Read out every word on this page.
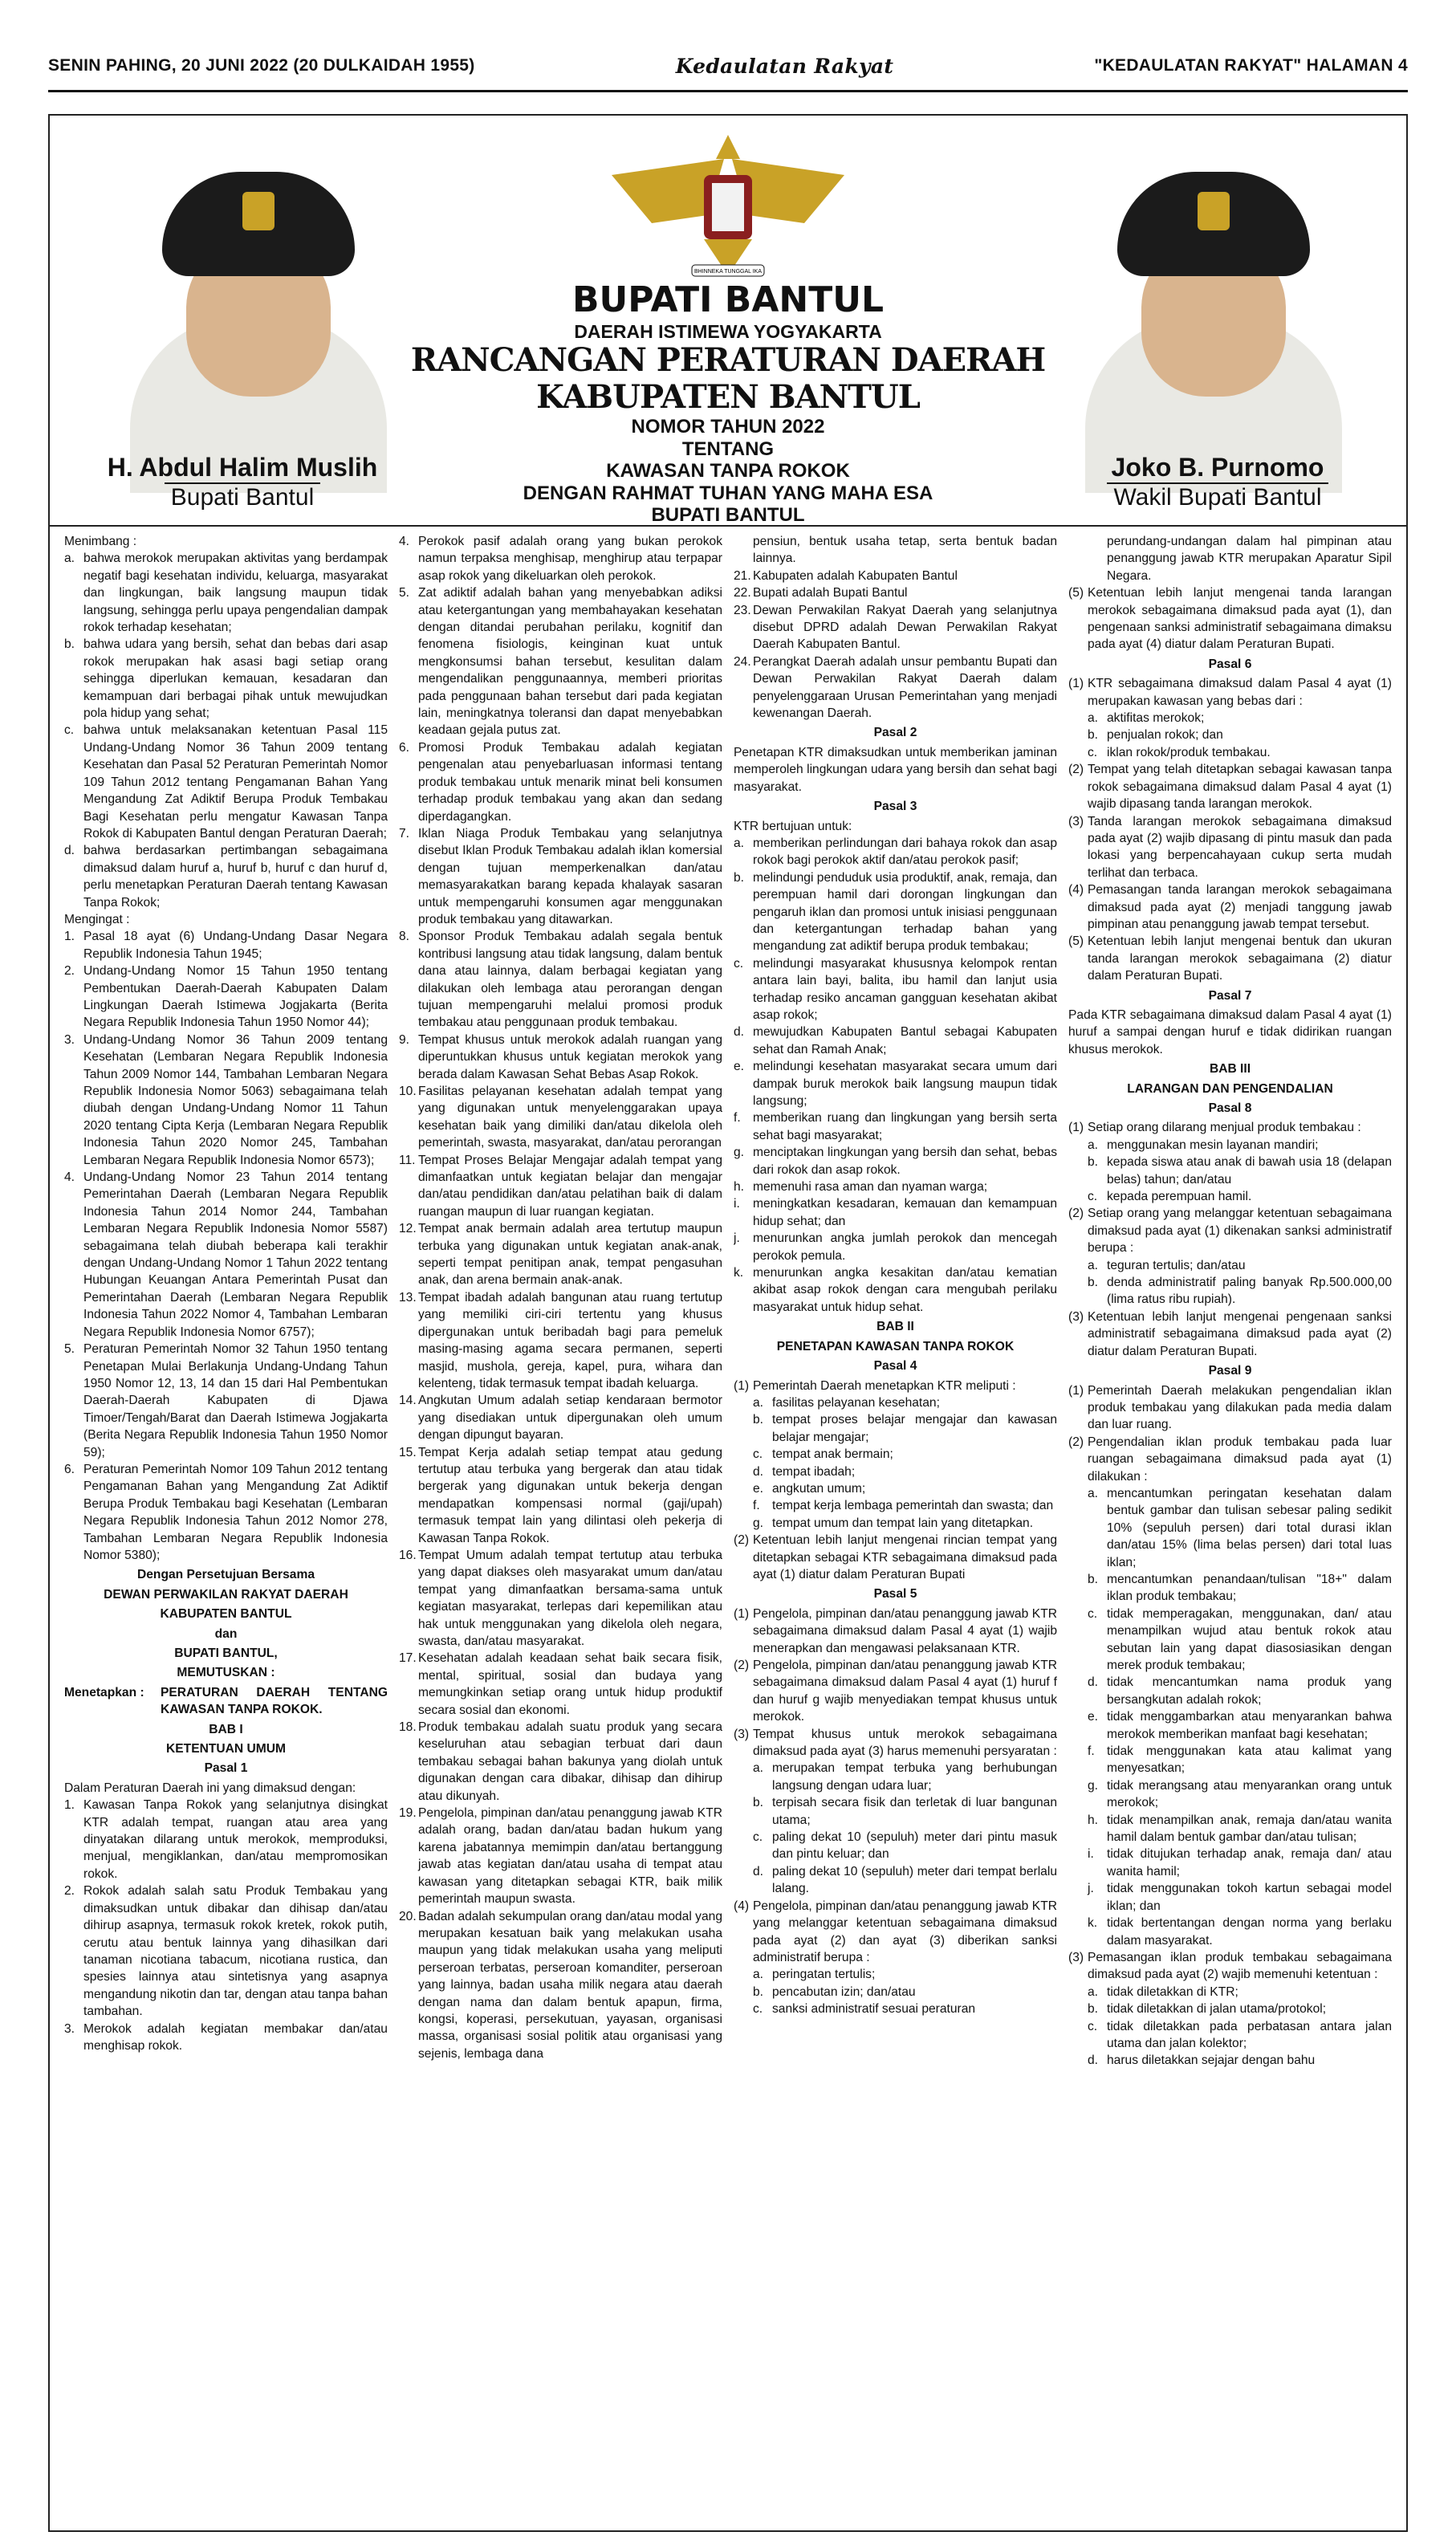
SENIN PAHING, 20 JUNI 2022 (20 DULKAIDAH 1955)	Kedaulatan Rakyat	"KEDAULATAN RAKYAT" HALAMAN 4
H. Abdul Halim Muslih
Bupati Bantul
Joko B. Purnomo
Wakil Bupati Bantul
BHINNEKA TUNGGAL IKA
BUPATI BANTUL
DAERAH ISTIMEWA YOGYAKARTA
RANCANGAN PERATURAN DAERAH KABUPATEN BANTUL
NOMOR TAHUN 2022
TENTANG
KAWASAN TANPA ROKOK
DENGAN RAHMAT TUHAN YANG MAHA ESA
BUPATI BANTUL

Menimbang :

a. bahwa merokok merupakan aktivitas yang berdampak negatif bagi kesehatan individu, keluarga, masyarakat dan lingkungan, baik langsung maupun tidak langsung, sehingga perlu upaya pengendalian dampak rokok terhadap kesehatan;
b. bahwa udara yang bersih, sehat dan bebas dari asap rokok merupakan hak asasi bagi setiap orang sehingga diperlukan kemauan, kesadaran dan kemampuan dari berbagai pihak untuk mewujudkan pola hidup yang sehat;
c. bahwa untuk melaksanakan ketentuan Pasal 115 Undang-Undang Nomor 36 Tahun 2009 tentang Kesehatan dan Pasal 52 Peraturan Pemerintah Nomor 109 Tahun 2012 tentang Pengamanan Bahan Yang Mengandung Zat Adiktif Berupa Produk Tembakau Bagi Kesehatan perlu mengatur Kawasan Tanpa Rokok di Kabupaten Bantul dengan Peraturan Daerah;
d. bahwa berdasarkan pertimbangan sebagaimana dimaksud dalam huruf a, huruf b, huruf c dan huruf d, perlu menetapkan Peraturan Daerah tentang Kawasan Tanpa Rokok;

Mengingat :

1. Pasal 18 ayat (6) Undang-Undang Dasar Negara Republik Indonesia Tahun 1945;
2. Undang-Undang Nomor 15 Tahun 1950 tentang Pembentukan Daerah-Daerah Kabupaten Dalam Lingkungan Daerah Istimewa Jogjakarta (Berita Negara Republik Indonesia Tahun 1950 Nomor 44);
3. Undang-Undang Nomor 36 Tahun 2009 tentang Kesehatan (Lembaran Negara Republik Indonesia Tahun 2009 Nomor 144, Tambahan Lembaran Negara Republik Indonesia Nomor 5063) sebagaimana telah diubah dengan Undang-Undang Nomor 11 Tahun 2020 tentang Cipta Kerja (Lembaran Negara Republik Indonesia Tahun 2020 Nomor 245, Tambahan Lembaran Negara Republik Indonesia Nomor 6573);
4. Undang-Undang Nomor 23 Tahun 2014 tentang Pemerintahan Daerah (Lembaran Negara Republik Indonesia Tahun 2014 Nomor 244, Tambahan Lembaran Negara Republik Indonesia Nomor 5587) sebagaimana telah diubah beberapa kali terakhir dengan Undang-Undang Nomor 1 Tahun 2022 tentang Hubungan Keuangan Antara Pemerintah Pusat dan Pemerintahan Daerah (Lembaran Negara Republik Indonesia Tahun 2022 Nomor 4, Tambahan Lembaran Negara Republik Indonesia Nomor 6757);
5. Peraturan Pemerintah Nomor 32 Tahun 1950 tentang Penetapan Mulai Berlakunja Undang-Undang Tahun 1950 Nomor 12, 13, 14 dan 15 dari Hal Pembentukan Daerah-Daerah Kabupaten di Djawa Timoer/Tengah/Barat dan Daerah Istimewa Jogjakarta (Berita Negara Republik Indonesia Tahun 1950 Nomor 59);
6. Peraturan Pemerintah Nomor 109 Tahun 2012 tentang Pengamanan Bahan yang Mengandung Zat Adiktif Berupa Produk Tembakau bagi Kesehatan (Lembaran Negara Republik Indonesia Tahun 2012 Nomor 278, Tambahan Lembaran Negara Republik Indonesia Nomor 5380);

Dengan Persetujuan Bersama

DEWAN PERWAKILAN RAKYAT DAERAH

KABUPATEN BANTUL

dan

BUPATI BANTUL,

MEMUTUSKAN :

Menetapkan :	PERATURAN DAERAH TENTANG KAWASAN TANPA ROKOK.

BAB I

KETENTUAN UMUM

Pasal 1

Dalam Peraturan Daerah ini yang dimaksud dengan:

1. Kawasan Tanpa Rokok yang selanjutnya disingkat KTR adalah tempat, ruangan atau area yang dinyatakan dilarang untuk merokok, memproduksi, menjual, mengiklankan, dan/atau mempromosikan rokok.
2. Rokok adalah salah satu Produk Tembakau yang dimaksudkan untuk dibakar dan dihisap dan/atau dihirup asapnya, termasuk rokok kretek, rokok putih, cerutu atau bentuk lainnya yang dihasilkan dari tanaman nicotiana tabacum, nicotiana rustica, dan spesies lainnya atau sintetisnya yang asapnya mengandung nikotin dan tar, dengan atau tanpa bahan tambahan.
3. Merokok adalah kegiatan membakar dan/atau menghisap rokok.
4. Perokok pasif adalah orang yang bukan perokok namun terpaksa menghisap, menghirup atau terpapar asap rokok yang dikeluarkan oleh perokok.
5. Zat adiktif adalah bahan yang menyebabkan adiksi atau ketergantungan yang membahayakan kesehatan dengan ditandai perubahan perilaku, kognitif dan fenomena fisiologis, keinginan kuat untuk mengkonsumsi bahan tersebut, kesulitan dalam mengendalikan penggunaannya, memberi prioritas pada penggunaan bahan tersebut dari pada kegiatan lain, meningkatnya toleransi dan dapat menyebabkan keadaan gejala putus zat.
6. Promosi Produk Tembakau adalah kegiatan pengenalan atau penyebarluasan informasi tentang produk tembakau untuk menarik minat beli konsumen terhadap produk tembakau yang akan dan sedang diperdagangkan.
7. Iklan Niaga Produk Tembakau yang selanjutnya disebut Iklan Produk Tembakau adalah iklan komersial dengan tujuan memperkenalkan dan/atau memasyarakatkan barang kepada khalayak sasaran untuk mempengaruhi konsumen agar menggunakan produk tembakau yang ditawarkan.
8. Sponsor Produk Tembakau adalah segala bentuk kontribusi langsung atau tidak langsung, dalam bentuk dana atau lainnya, dalam berbagai kegiatan yang dilakukan oleh lembaga atau perorangan dengan tujuan mempengaruhi melalui promosi produk tembakau atau penggunaan produk tembakau.
9. Tempat khusus untuk merokok adalah ruangan yang diperuntukkan khusus untuk kegiatan merokok yang berada dalam Kawasan Sehat Bebas Asap Rokok.
10. Fasilitas pelayanan kesehatan adalah tempat yang yang digunakan untuk menyelenggarakan upaya kesehatan baik yang dimiliki dan/atau dikelola oleh pemerintah, swasta, masyarakat, dan/atau perorangan
11. Tempat Proses Belajar Mengajar adalah tempat yang dimanfaatkan untuk kegiatan belajar dan mengajar dan/atau pendidikan dan/atau pelatihan baik di dalam ruangan maupun di luar ruangan kegiatan.
12. Tempat anak bermain adalah area tertutup maupun terbuka yang digunakan untuk kegiatan anak-anak, seperti tempat penitipan anak, tempat pengasuhan anak, dan arena bermain anak-anak.
13. Tempat ibadah adalah bangunan atau ruang tertutup yang memiliki ciri-ciri tertentu yang khusus dipergunakan untuk beribadah bagi para pemeluk masing-masing agama secara permanen, seperti masjid, mushola, gereja, kapel, pura, wihara dan kelenteng, tidak termasuk tempat ibadah keluarga.
14. Angkutan Umum adalah setiap kendaraan bermotor yang disediakan untuk dipergunakan oleh umum dengan dipungut bayaran.
15. Tempat Kerja adalah setiap tempat atau gedung tertutup atau terbuka yang bergerak dan atau tidak bergerak yang digunakan untuk bekerja dengan mendapatkan kompensasi normal (gaji/upah) termasuk tempat lain yang dilintasi oleh pekerja di Kawasan Tanpa Rokok.
16. Tempat Umum adalah tempat tertutup atau terbuka yang dapat diakses oleh masyarakat umum dan/atau tempat yang dimanfaatkan bersama-sama untuk kegiatan masyarakat, terlepas dari kepemilikan atau hak untuk menggunakan yang dikelola oleh negara, swasta, dan/atau masyarakat.
17. Kesehatan adalah keadaan sehat baik secara fisik, mental, spiritual, sosial dan budaya yang memungkinkan setiap orang untuk hidup produktif secara sosial dan ekonomi.
18. Produk tembakau adalah suatu produk yang secara keseluruhan atau sebagian terbuat dari daun tembakau sebagai bahan bakunya yang diolah untuk digunakan dengan cara dibakar, dihisap dan dihirup atau dikunyah.
19. Pengelola, pimpinan dan/atau penanggung jawab KTR adalah orang, badan dan/atau badan hukum yang karena jabatannya memimpin dan/atau bertanggung jawab atas kegiatan dan/atau usaha di tempat atau kawasan yang ditetapkan sebagai KTR, baik milik pemerintah maupun swasta.
20. Badan adalah sekumpulan orang dan/atau modal yang merupakan kesatuan baik yang melakukan usaha maupun yang tidak melakukan usaha yang meliputi perseroan terbatas, perseroan komanditer, perseroan yang lainnya, badan usaha milik negara atau daerah dengan nama dan dalam bentuk apapun, firma, kongsi, koperasi, persekutuan, yayasan, organisasi massa, organisasi sosial politik atau organisasi yang sejenis, lembaga dana
pensiun, bentuk usaha tetap, serta bentuk badan lainnya.
21. Kabupaten adalah Kabupaten Bantul
22. Bupati adalah Bupati Bantul
23. Dewan Perwakilan Rakyat Daerah yang selanjutnya disebut DPRD adalah Dewan Perwakilan Rakyat Daerah Kabupaten Bantul.
24. Perangkat Daerah adalah unsur pembantu Bupati dan Dewan Perwakilan Rakyat Daerah dalam penyelenggaraan Urusan Pemerintahan yang menjadi kewenangan Daerah.

Pasal 2

Penetapan KTR dimaksudkan untuk memberikan jaminan memperoleh lingkungan udara yang bersih dan sehat bagi masyarakat.

Pasal 3

KTR bertujuan untuk:

a. memberikan perlindungan dari bahaya rokok dan asap rokok bagi perokok aktif dan/atau perokok pasif;
b. melindungi penduduk usia produktif, anak, remaja, dan perempuan hamil dari dorongan lingkungan dan pengaruh iklan dan promosi untuk inisiasi penggunaan dan ketergantungan terhadap bahan yang mengandung zat adiktif berupa produk tembakau;
c. melindungi masyarakat khususnya kelompok rentan antara lain bayi, balita, ibu hamil dan lanjut usia terhadap resiko ancaman gangguan kesehatan akibat asap rokok;
d. mewujudkan Kabupaten Bantul sebagai Kabupaten sehat dan Ramah Anak;
e. melindungi kesehatan masyarakat secara umum dari dampak buruk merokok baik langsung maupun tidak langsung;
f. memberikan ruang dan lingkungan yang bersih serta sehat bagi masyarakat;
g. menciptakan lingkungan yang bersih dan sehat, bebas dari rokok dan asap rokok.
h. memenuhi rasa aman dan nyaman warga;
i.	meningkatkan kesadaran, kemauan dan kemampuan hidup sehat; dan
j.	menurunkan angka jumlah perokok dan mencegah perokok pemula.
k. menurunkan angka kesakitan dan/atau kematian akibat asap rokok dengan cara mengubah perilaku masyarakat untuk hidup sehat.

BAB II

PENETAPAN KAWASAN TANPA ROKOK

Pasal 4

(1) Pemerintah Daerah menetapkan KTR meliputi :
a. fasilitas pelayanan kesehatan;
b. tempat proses belajar mengajar dan kawasan belajar mengajar;
c. tempat anak bermain;
d. tempat ibadah;
e. angkutan umum;
f. tempat kerja lembaga pemerintah dan swasta; dan
g. tempat umum dan tempat lain yang ditetapkan.
(2) Ketentuan lebih lanjut mengenai rincian tempat yang ditetapkan sebagai KTR sebagaimana dimaksud pada ayat (1) diatur dalam Peraturan Bupati

Pasal 5

(1) Pengelola, pimpinan dan/atau penanggung jawab KTR sebagaimana dimaksud dalam Pasal 4 ayat (1) wajib menerapkan dan mengawasi pelaksanaan KTR.
(2) Pengelola, pimpinan dan/atau penanggung jawab KTR sebagaimana dimaksud dalam Pasal 4 ayat (1) huruf f dan huruf g wajib menyediakan tempat khusus untuk merokok.
(3) Tempat khusus untuk merokok sebagaimana dimaksud pada ayat (3) harus memenuhi persyaratan :
a. merupakan tempat terbuka yang berhubungan langsung dengan udara luar;
b. terpisah secara fisik dan terletak di luar bangunan utama;
c. paling dekat 10 (sepuluh) meter dari pintu masuk dan pintu keluar; dan
d. paling dekat 10 (sepuluh) meter dari tempat berlalu lalang.
(4) Pengelola, pimpinan dan/atau penanggung jawab KTR yang melanggar ketentuan sebagaimana dimaksud pada ayat (2) dan ayat (3) diberikan sanksi administratif berupa :
a. peringatan tertulis;
b. pencabutan izin; dan/atau
c. sanksi administratif sesuai peraturan
perundang-undangan dalam hal pimpinan atau penanggung jawab KTR merupakan Aparatur Sipil Negara.
(5) Ketentuan lebih lanjut mengenai tanda larangan merokok sebagaimana dimaksud pada ayat (1), dan pengenaan sanksi administratif sebagaimana dimaksu pada ayat (4) diatur dalam Peraturan Bupati.

Pasal 6

(1) KTR sebagaimana dimaksud dalam Pasal 4 ayat (1) merupakan kawasan yang bebas dari :
a. aktifitas merokok;
b. penjualan rokok; dan
c. iklan rokok/produk tembakau.
(2) Tempat yang telah ditetapkan sebagai kawasan tanpa rokok sebagaimana dimaksud dalam Pasal 4 ayat (1) wajib dipasang tanda larangan merokok.
(3) Tanda larangan merokok sebagaimana dimaksud pada ayat (2) wajib dipasang di pintu masuk dan pada lokasi yang berpencahayaan cukup serta mudah terlihat dan terbaca.
(4) Pemasangan tanda larangan merokok sebagaimana dimaksud pada ayat (2) menjadi tanggung jawab pimpinan atau penanggung jawab tempat tersebut.
(5) Ketentuan lebih lanjut mengenai bentuk dan ukuran tanda larangan merokok sebagaimana (2) diatur dalam Peraturan Bupati.

Pasal 7

Pada KTR sebagaimana dimaksud dalam Pasal 4 ayat (1) huruf a sampai dengan huruf e tidak didirikan ruangan khusus merokok.

BAB III

LARANGAN DAN PENGENDALIAN

Pasal 8

(1) Setiap orang dilarang menjual produk tembakau :
a. menggunakan mesin layanan mandiri;
b. kepada siswa atau anak di bawah usia 18 (delapan belas) tahun; dan/atau
c. kepada perempuan hamil.
(2) Setiap orang yang melanggar ketentuan sebagaimana dimaksud pada ayat (1) dikenakan sanksi administratif berupa :
a. teguran tertulis; dan/atau
b. denda administratif paling banyak Rp.500.000,00 (lima ratus ribu rupiah).
(3) Ketentuan lebih lanjut mengenai pengenaan sanksi administratif sebagaimana dimaksud pada ayat (2) diatur dalam Peraturan Bupati.

Pasal 9

(1) Pemerintah Daerah melakukan pengendalian iklan produk tembakau yang dilakukan pada media dalam dan luar ruang.
(2) Pengendalian iklan produk tembakau pada luar ruangan sebagaimana dimaksud pada ayat (1) dilakukan :
a. mencantumkan peringatan kesehatan dalam bentuk gambar dan tulisan sebesar paling sedikit 10% (sepuluh persen) dari total durasi iklan dan/atau 15% (lima belas persen) dari total luas iklan;
b. mencantumkan penandaan/tulisan "18+" dalam iklan produk tembakau;
c. tidak memperagakan, menggunakan, dan/ atau menampilkan wujud atau bentuk rokok atau sebutan lain yang dapat diasosiasikan dengan merek produk tembakau;
d. tidak mencantumkan nama produk yang bersangkutan adalah rokok;
e. tidak menggambarkan atau menyarankan bahwa merokok memberikan manfaat bagi kesehatan;
f. tidak menggunakan kata atau kalimat yang menyesatkan;
g. tidak merangsang atau menyarankan orang untuk merokok;
h. tidak menampilkan anak, remaja dan/atau wanita hamil dalam bentuk gambar dan/atau tulisan;
i.	tidak ditujukan terhadap anak, remaja dan/ atau wanita hamil;
j.	tidak menggunakan tokoh kartun sebagai model iklan; dan
k. tidak bertentangan dengan norma yang berlaku dalam masyarakat.
(3) Pemasangan iklan produk tembakau sebagaimana dimaksud pada ayat (2) wajib memenuhi ketentuan :
a. tidak diletakkan di KTR;
b. tidak diletakkan di jalan utama/protokol;
c. tidak diletakkan pada perbatasan antara jalan utama dan jalan kolektor;
d. harus diletakkan sejajar dengan bahu
